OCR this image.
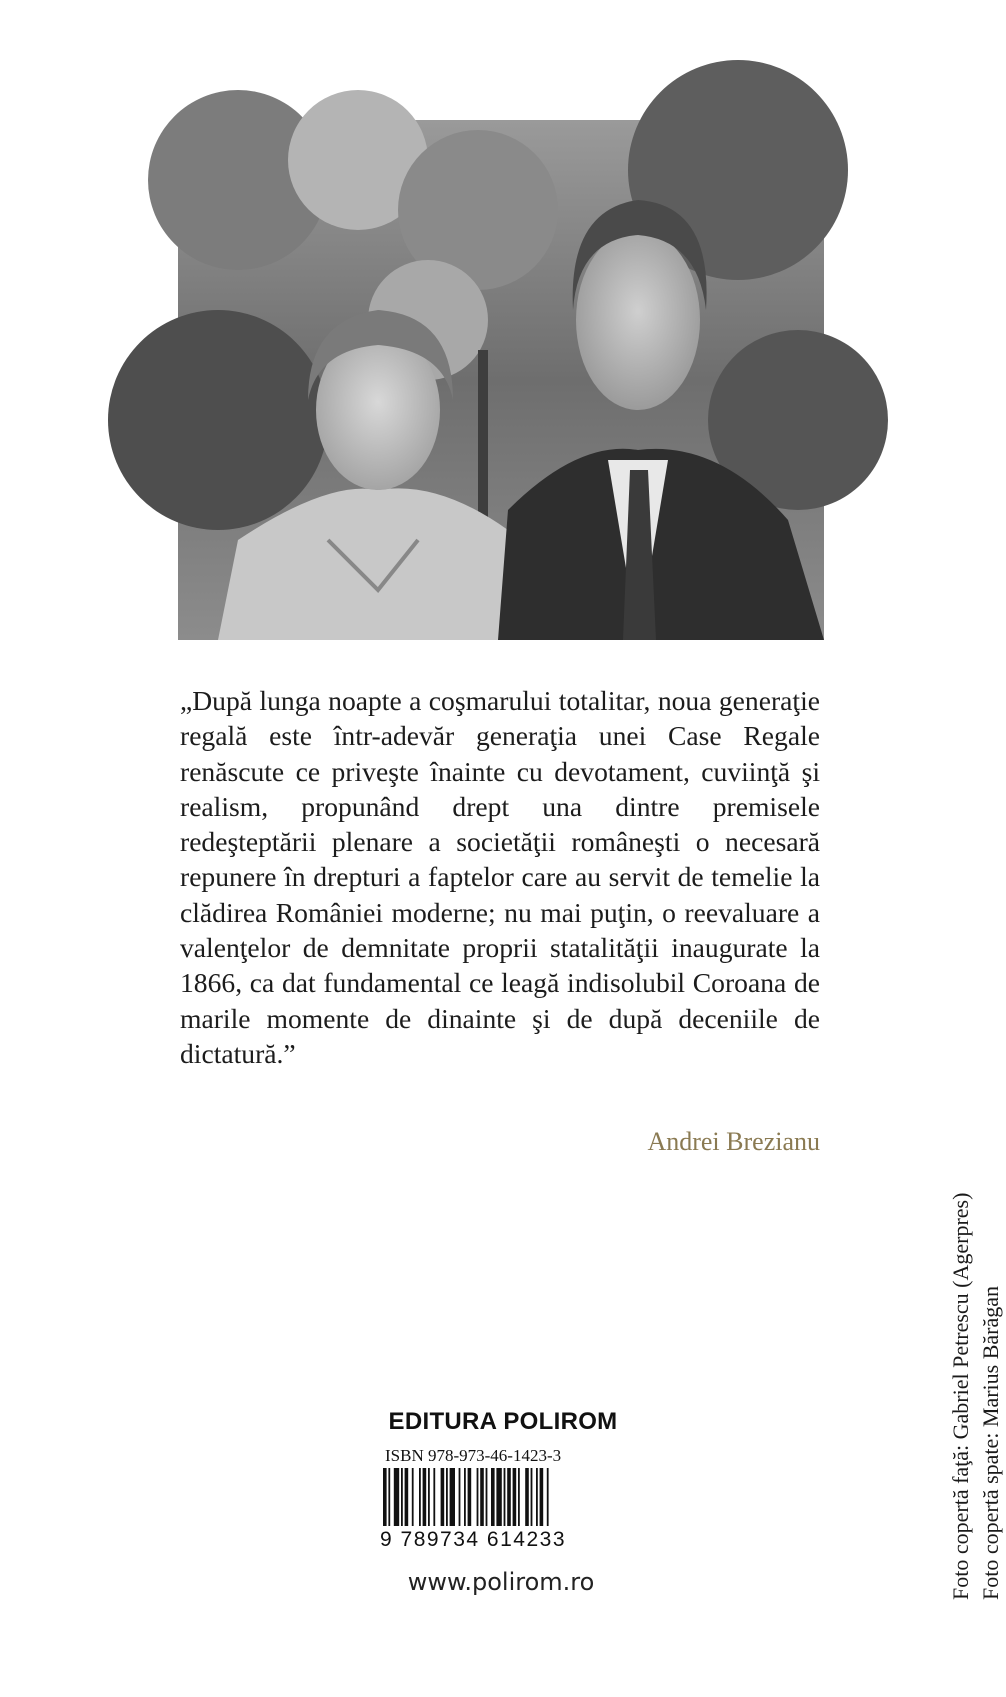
„După lunga noapte a coşmarului totalitar, noua generaţie regală este într-adevăr generaţia unei Case Regale renăscute ce priveşte înainte cu devotament, cuviinţă şi realism, propunând drept una dintre premisele redeşteptării plenare a societăţii româneşti o necesară repunere în drepturi a faptelor care au servit de temelie la clădirea României moderne; nu mai puţin, o reevaluare a valenţelor de demnitate proprii statalităţii inaugurate la 1866, ca dat fundamental ce leagă indisolubil Coroana de marile momente de dinainte şi de după deceniile de dictatură.”

Andrei Brezianu
Foto copertă faţă: Gabriel Petrescu (Agerpres) Foto copertă spate: Marius Bărăgan
EDITURA POLIROM
ISBN 978-973-46-1423-3
9 789734 614233
www.polirom.ro
